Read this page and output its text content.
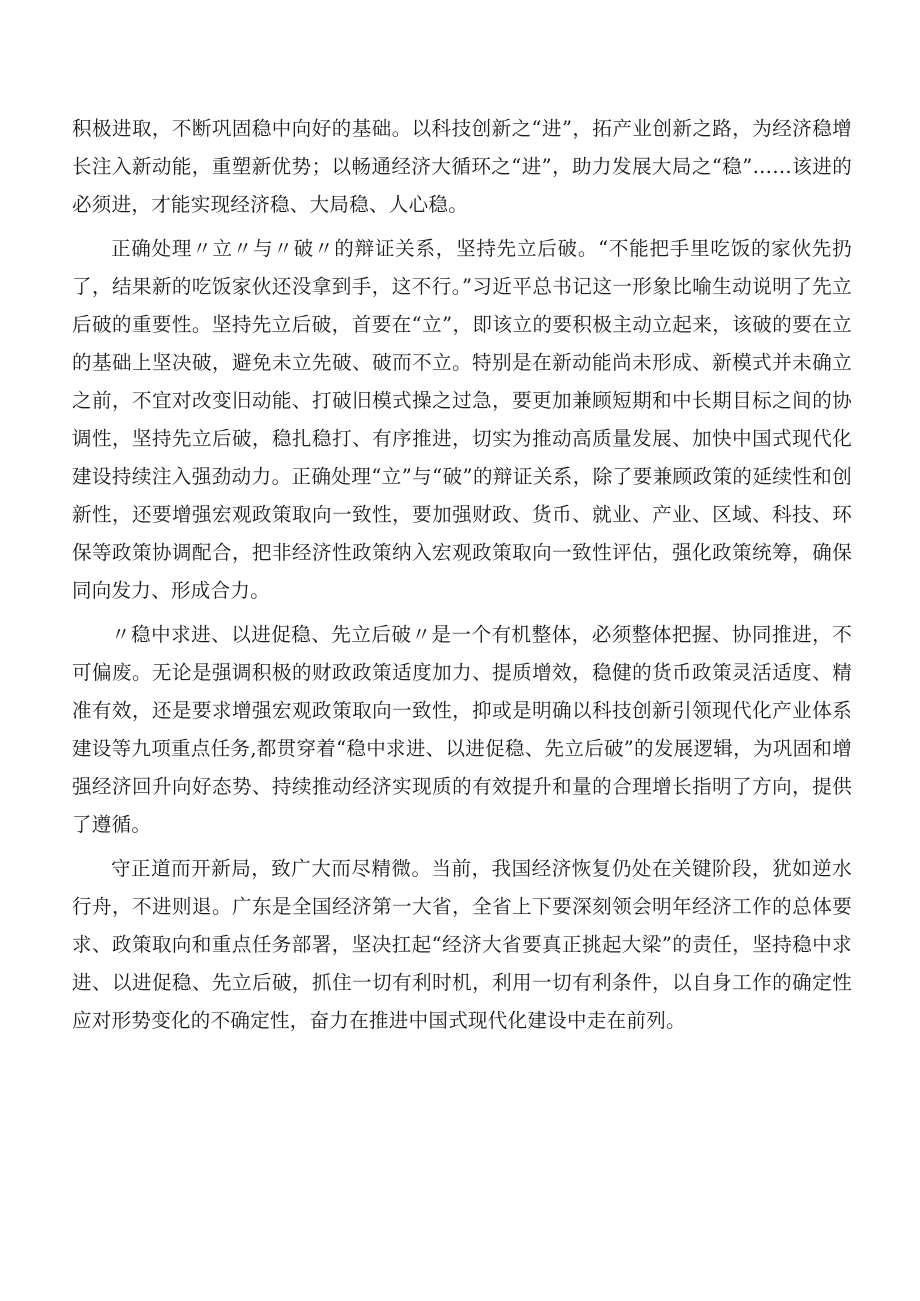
积极进取，不断巩固稳中向好的基础。以科技创新之“进”，拓产业创新之路，为经济稳增长注入新动能，重塑新优势；以畅通经济大循环之“进”，助力发展大局之“稳”……该进的必须进，才能实现经济稳、大局稳、人心稳。

正确处理〃立〃与〃破〃的辩证关系，坚持先立后破。“不能把手里吃饭的家伙先扔了，结果新的吃饭家伙还没拿到手，这不行。”习近平总书记这一形象比喻生动说明了先立后破的重要性。坚持先立后破，首要在“立”，即该立的要积极主动立起来，该破的要在立的基础上坚决破，避免未立先破、破而不立。特别是在新动能尚未形成、新模式并未确立之前，不宜对改变旧动能、打破旧模式操之过急，要更加兼顾短期和中长期目标之间的协调性，坚持先立后破，稳扎稳打、有序推进，切实为推动高质量发展、加快中国式现代化建设持续注入强劲动力。正确处理“立”与“破”的辩证关系，除了要兼顾政策的延续性和创新性，还要增强宏观政策取向一致性，要加强财政、货币、就业、产业、区域、科技、环保等政策协调配合，把非经济性政策纳入宏观政策取向一致性评估，强化政策统筹，确保同向发力、形成合力。

〃稳中求进、以进促稳、先立后破〃是一个有机整体，必须整体把握、协同推进，不可偏废。无论是强调积极的财政政策适度加力、提质增效，稳健的货币政策灵活适度、精准有效，还是要求增强宏观政策取向一致性，抑或是明确以科技创新引领现代化产业体系建设等九项重点任务,都贯穿着“稳中求进、以进促稳、先立后破”的发展逻辑，为巩固和增强经济回升向好态势、持续推动经济实现质的有效提升和量的合理增长指明了方向，提供了遵循。

守正道而开新局，致广大而尽精微。当前，我国经济恢复仍处在关键阶段，犹如逆水行舟，不进则退。广东是全国经济第一大省，全省上下要深刻领会明年经济工作的总体要求、政策取向和重点任务部署，坚决扛起“经济大省要真正挑起大梁”的责任，坚持稳中求进、以进促稳、先立后破，抓住一切有利时机，利用一切有利条件，以自身工作的确定性应对形势变化的不确定性，奋力在推进中国式现代化建设中走在前列。
